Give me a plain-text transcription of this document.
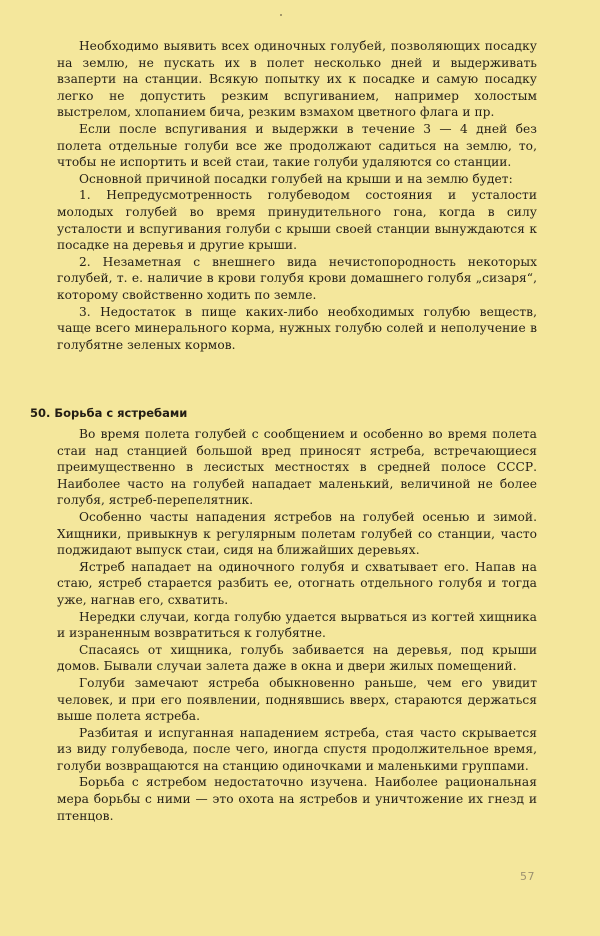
Необходимо выявить всех одиночных голубей, позволяющих посадку на землю, не пускать их в полет несколько дней и выдерживать взаперти на станции. Всякую попытку их к посадке и самую посадку легко не допустить резким вспугиванием, например холостым выстрелом, хлопанием бича, резким взмахом цветного флага и пр.

Если после вспугивания и выдержки в течение 3 — 4 дней без полета отдельные голуби все же продолжают садиться на землю, то, чтобы не испортить и всей стаи, такие голуби удаляются со станции.

Основной причиной посадки голубей на крыши и на землю будет:

1. Непредусмотренность голубеводом состояния и усталости молодых голубей во время принудительного гона, когда в силу усталости и вспугивания голуби с крыши своей станции вынуждаются к посадке на деревья и другие крыши.

2. Незаметная с внешнего вида нечистопородность некоторых голубей, т. е. наличие в крови голубя крови домашнего голубя „сизаря“, которому свойственно ходить по земле.

3. Недостаток в пище каких-либо необходимых голубю веществ, чаще всего минерального корма, нужных голубю солей и неполучение в голубятне зеленых кормов.

50. Борьба с ястребами

Во время полета голубей с сообщением и особенно во время полета стаи над станцией большой вред приносят ястреба, встречающиеся преимущественно в лесистых местностях в средней полосе СССР. Наиболее часто на голубей нападает маленький, величиной не более голубя, ястреб-перепелятник.

Особенно часты нападения ястребов на голубей осенью и зимой. Хищники, привыкнув к регулярным полетам голубей со станции, часто поджидают выпуск стаи, сидя на ближайших деревьях.

Ястреб нападает на одиночного голубя и схватывает его. Напав на стаю, ястреб старается разбить ее, отогнать отдельного голубя и тогда уже, нагнав его, схватить.

Нередки случаи, когда голубю удается вырваться из когтей хищника и израненным возвратиться к голубятне.

Спасаясь от хищника, голубь забивается на деревья, под крыши домов. Бывали случаи залета даже в окна и двери жилых помещений.

Голуби замечают ястреба обыкновенно раньше, чем его увидит человек, и при его появлении, поднявшись вверх, стараются держаться выше полета ястреба.

Разбитая и испуганная нападением ястреба, стая часто скрывается из виду голубевода, после чего, иногда спустя продолжительное время, голуби возвращаются на станцию одиночками и маленькими группами.

Борьба с ястребом недостаточно изучена. Наиболее рациональная мера борьбы с ними — это охота на ястребов и уничтожение их гнезд и птенцов.

57
